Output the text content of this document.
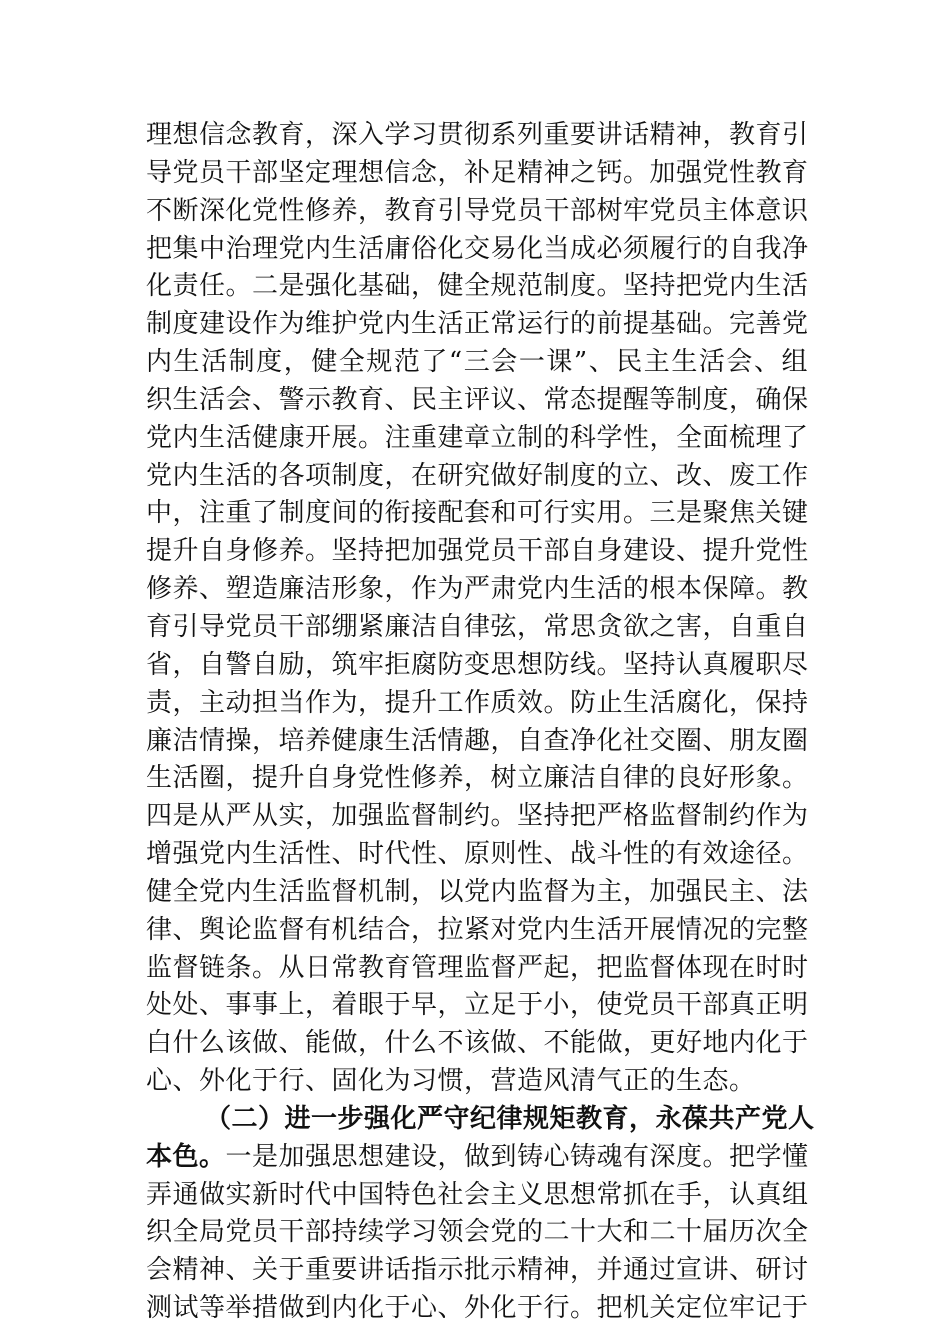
理想信念教育，深入学习贯彻系列重要讲话精神，教育引
导党员干部坚定理想信念，补足精神之钙。加强党性教育
不断深化党性修养，教育引导党员干部树牢党员主体意识
把集中治理党内生活庸俗化交易化当成必须履行的自我净
化责任。二是强化基础，健全规范制度。坚持把党内生活
制度建设作为维护党内生活正常运行的前提基础。完善党
内生活制度，健全规范了“三会一课”、民主生活会、组
织生活会、警示教育、民主评议、常态提醒等制度，确保
党内生活健康开展。注重建章立制的科学性，全面梳理了
党内生活的各项制度，在研究做好制度的立、改、废工作
中，注重了制度间的衔接配套和可行实用。三是聚焦关键
提升自身修养。坚持把加强党员干部自身建设、提升党性
修养、塑造廉洁形象，作为严肃党内生活的根本保障。教
育引导党员干部绷紧廉洁自律弦，常思贪欲之害，自重自
省，自警自励，筑牢拒腐防变思想防线。坚持认真履职尽
责，主动担当作为，提升工作质效。防止生活腐化，保持
廉洁情操，培养健康生活情趣，自查净化社交圈、朋友圈
生活圈，提升自身党性修养，树立廉洁自律的良好形象。
四是从严从实，加强监督制约。坚持把严格监督制约作为
增强党内生活性、时代性、原则性、战斗性的有效途径。
健全党内生活监督机制，以党内监督为主，加强民主、法
律、舆论监督有机结合，拉紧对党内生活开展情况的完整
监督链条。从日常教育管理监督严起，把监督体现在时时
处处、事事上，着眼于早，立足于小，使党员干部真正明
白什么该做、能做，什么不该做、不能做，更好地内化于
心、外化于行、固化为习惯，营造风清气正的生态。
（二）进一步强化严守纪律规矩教育，永葆共产党人
本色。一是加强思想建设，做到铸心铸魂有深度。把学懂
弄通做实新时代中国特色社会主义思想常抓在手，认真组
织全局党员干部持续学习领会党的二十大和二十届历次全
会精神、关于重要讲话指示批示精神，并通过宣讲、研讨
测试等举措做到内化于心、外化于行。把机关定位牢记于
